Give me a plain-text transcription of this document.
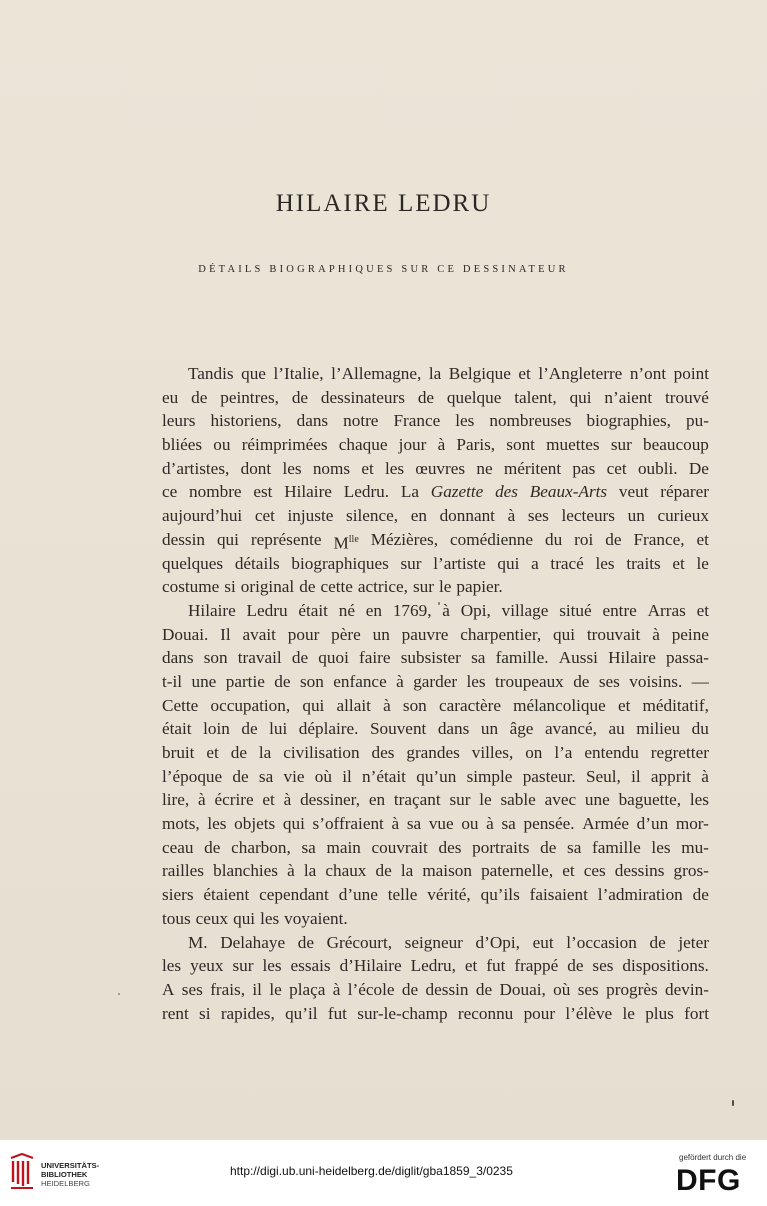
HILAIRE LEDRU
DÉTAILS BIOGRAPHIQUES SUR CE DESSINATEUR
Tandis que l’Italie, l’Allemagne, la Belgique et l’Angleterre n’ont point
eu de peintres, de dessinateurs de quelque talent, qui n’aient trouvé
leurs historiens, dans notre France les nombreuses biographies, pu-
bliées ou réimprimées chaque jour à Paris, sont muettes sur beaucoup
d’artistes, dont les noms et les œuvres ne méritent pas cet oubli. De
ce nombre est Hilaire Ledru. La Gazette des Beaux-Arts veut réparer
aujourd’hui cet injuste silence, en donnant à ses lecteurs un curieux
dessin qui représente $M^{lle}$ Mézières, comédienne du roi de France, et
quelques détails biographiques sur l’artiste qui a tracé les traits et le
costume si original de cette actrice, sur le papier.
Hilaire Ledru était né en 1769, à Opi, village situé entre Arras et
Douai. Il avait pour père un pauvre charpentier, qui trouvait à peine
dans son travail de quoi faire subsister sa famille. Aussi Hilaire passa-
t-il une partie de son enfance à garder les troupeaux de ses voisins. —
Cette occupation, qui allait à son caractère mélancolique et méditatif,
était loin de lui déplaire. Souvent dans un âge avancé, au milieu du
bruit et de la civilisation des grandes villes, on l’a entendu regretter
l’époque de sa vie où il n’était qu’un simple pasteur. Seul, il apprit à
lire, à écrire et à dessiner, en traçant sur le sable avec une baguette, les
mots, les objets qui s’offraient à sa vue ou à sa pensée. Armée d’un mor-
ceau de charbon, sa main couvrait des portraits de sa famille les mu-
railles blanchies à la chaux de la maison paternelle, et ces dessins gros-
siers étaient cependant d’une telle vérité, qu’ils faisaient l’admiration de
tous ceux qui les voyaient.
M. Delahaye de Grécourt, seigneur d’Opi, eut l’occasion de jeter
les yeux sur les essais d’Hilaire Ledru, et fut frappé de ses dispositions.
A ses frais, il le plaça à l’école de dessin de Douai, où ses progrès devin-
rent si rapides, qu’il fut sur-le-champ reconnu pour l’élève le plus fort
UNIVERSITÄTS-
BIBLIOTHEK
HEIDELBERG
http://digi.ub.uni-heidelberg.de/diglit/gba1859_3/0235
gefördert durch die
DFG
